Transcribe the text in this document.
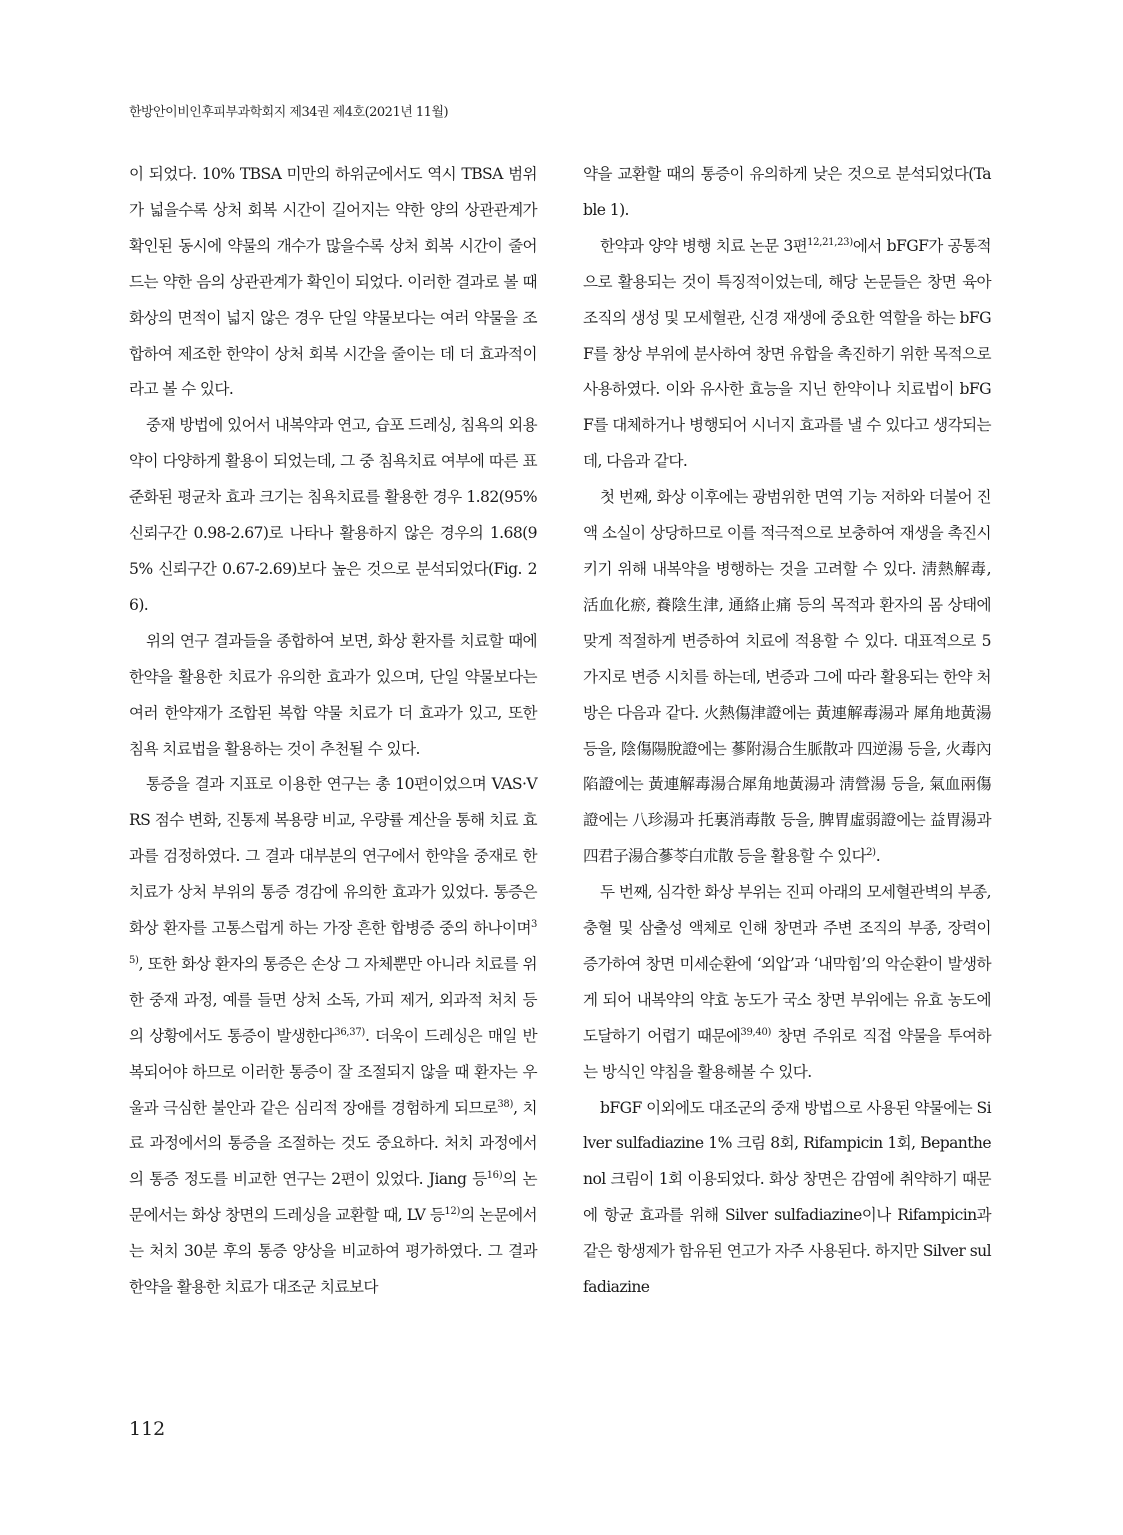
한방안이비인후피부과학회지 제34권 제4호(2021년 11월)

이 되었다. 10% TBSA 미만의 하위군에서도 역시 TBSA 범위가 넓을수록 상처 회복 시간이 길어지는 약한 양의 상관관계가 확인된 동시에 약물의 개수가 많을수록 상처 회복 시간이 줄어드는 약한 음의 상관관계가 확인이 되었다. 이러한 결과로 볼 때 화상의 면적이 넓지 않은 경우 단일 약물보다는 여러 약물을 조합하여 제조한 한약이 상처 회복 시간을 줄이는 데 더 효과적이라고 볼 수 있다.

중재 방법에 있어서 내복약과 연고, 습포 드레싱, 침욕의 외용약이 다양하게 활용이 되었는데, 그 중 침욕치료 여부에 따른 표준화된 평균차 효과 크기는 침욕치료를 활용한 경우 1.82(95% 신뢰구간 0.98-2.67)로 나타나 활용하지 않은 경우의 1.68(95% 신뢰구간 0.67-2.69)보다 높은 것으로 분석되었다(Fig. 26).

위의 연구 결과들을 종합하여 보면, 화상 환자를 치료할 때에 한약을 활용한 치료가 유의한 효과가 있으며, 단일 약물보다는 여러 한약재가 조합된 복합 약물 치료가 더 효과가 있고, 또한 침욕 치료법을 활용하는 것이 추천될 수 있다.

통증을 결과 지표로 이용한 연구는 총 10편이었으며 VAS·VRS 점수 변화, 진통제 복용량 비교, 우량률 계산을 통해 치료 효과를 검정하였다. 그 결과 대부분의 연구에서 한약을 중재로 한 치료가 상처 부위의 통증 경감에 유의한 효과가 있었다. 통증은 화상 환자를 고통스럽게 하는 가장 흔한 합병증 중의 하나이며$^{35)}$, 또한 화상 환자의 통증은 손상 그 자체뿐만 아니라 치료를 위한 중재 과정, 예를 들면 상처 소독, 가피 제거, 외과적 처치 등의 상황에서도 통증이 발생한다$^{36,37)}$. 더욱이 드레싱은 매일 반복되어야 하므로 이러한 통증이 잘 조절되지 않을 때 환자는 우울과 극심한 불안과 같은 심리적 장애를 경험하게 되므로$^{38)}$, 치료 과정에서의 통증을 조절하는 것도 중요하다. 처치 과정에서의 통증 정도를 비교한 연구는 2편이 있었다. Jiang 등$^{16)}$의 논문에서는 화상 창면의 드레싱을 교환할 때, LV 등$^{12)}$의 논문에서는 처치 30분 후의 통증 양상을 비교하여 평가하였다. 그 결과 한약을 활용한 치료가 대조군 치료보다

약을 교환할 때의 통증이 유의하게 낮은 것으로 분석되었다(Table 1).

한약과 양약 병행 치료 논문 3편$^{12,21,23)}$에서 bFGF가 공통적으로 활용되는 것이 특징적이었는데, 해당 논문들은 창면 육아조직의 생성 및 모세혈관, 신경 재생에 중요한 역할을 하는 bFGF를 창상 부위에 분사하여 창면 유합을 촉진하기 위한 목적으로 사용하였다. 이와 유사한 효능을 지닌 한약이나 치료법이 bFGF를 대체하거나 병행되어 시너지 효과를 낼 수 있다고 생각되는데, 다음과 같다.

첫 번째, 화상 이후에는 광범위한 면역 기능 저하와 더불어 진액 소실이 상당하므로 이를 적극적으로 보충하여 재생을 촉진시키기 위해 내복약을 병행하는 것을 고려할 수 있다. 淸熱解毒, 活血化瘀, 養陰生津, 通絡止痛 등의 목적과 환자의 몸 상태에 맞게 적절하게 변증하여 치료에 적용할 수 있다. 대표적으로 5가지로 변증 시치를 하는데, 변증과 그에 따라 활용되는 한약 처방은 다음과 같다. 火熱傷津證에는 黃連解毒湯과 犀角地黃湯 등을, 陰傷陽脫證에는 蔘附湯合生脈散과 四逆湯 등을, 火毒內陷證에는 黃連解毒湯合犀角地黃湯과 淸營湯 등을, 氣血兩傷證에는 八珍湯과 托裏消毒散 등을, 脾胃虛弱證에는 益胃湯과 四君子湯合蔘苓白朮散 등을 활용할 수 있다$^{2)}$.

두 번째, 심각한 화상 부위는 진피 아래의 모세혈관벽의 부종, 충혈 및 삼출성 액체로 인해 창면과 주변 조직의 부종, 장력이 증가하여 창면 미세순환에 ‘외압’과 ‘내막힘’의 악순환이 발생하게 되어 내복약의 약효 농도가 국소 창면 부위에는 유효 농도에 도달하기 어렵기 때문에$^{39,40)}$ 창면 주위로 직접 약물을 투여하는 방식인 약침을 활용해볼 수 있다.

bFGF 이외에도 대조군의 중재 방법으로 사용된 약물에는 Silver sulfadiazine 1% 크림 8회, Rifampicin 1회, Bepanthenol 크림이 1회 이용되었다. 화상 창면은 감염에 취약하기 때문에 항균 효과를 위해 Silver sulfadiazine이나 Rifampicin과 같은 항생제가 함유된 연고가 자주 사용된다. 하지만 Silver sulfadiazine

112
